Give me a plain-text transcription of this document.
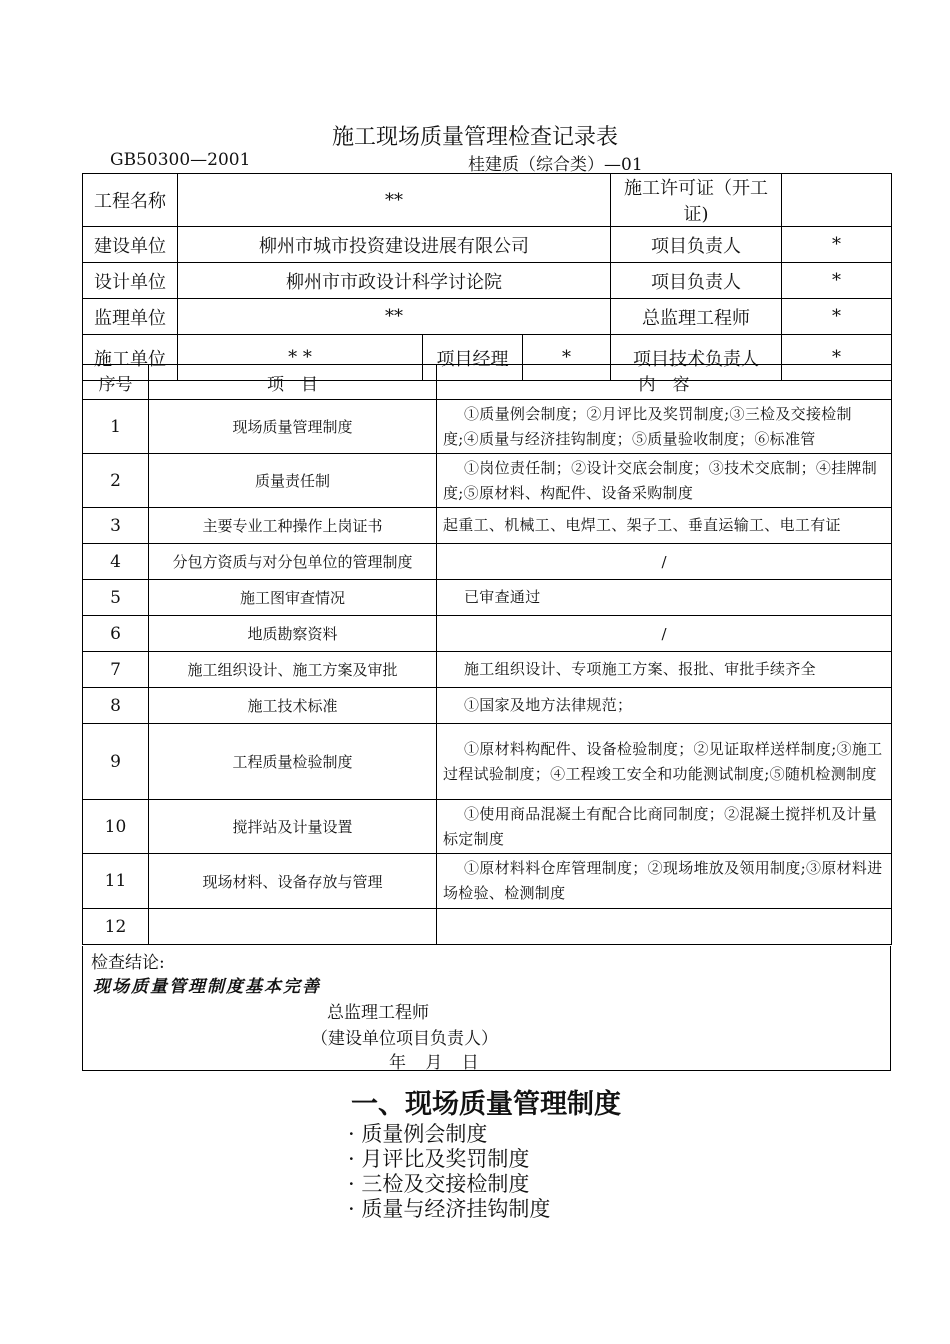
施工现场质量管理检查记录表
GB50300—2001	桂建质（综合类）—01
工程名称	**			施工许可证（开工证)	
建设单位	柳州市城市投资建设进展有限公司			项目负责人	*
设计单位	柳州市市政设计科学讨论院			项目负责人	*
监理单位	**			总监理工程师	*
施工单位	* *	项目经理	*	项目技术负责人	*
序号	项　目	内　容
1	现场质量管理制度	①质量例会制度；②月评比及奖罚制度;③三检及交接检制度;④质量与经济挂钩制度；⑤质量验收制度；⑥标准管
2	质量责任制	①岗位责任制；②设计交底会制度；③技术交底制；④挂牌制度;⑤原材料、构配件、设备采购制度
3	主要专业工种操作上岗证书	起重工、机械工、电焊工、架子工、垂直运输工、电工有证
4	分包方资质与对分包单位的管理制度	/
5	施工图审查情况	已审查通过
6	地质勘察资料	/
7	施工组织设计、施工方案及审批	施工组织设计、专项施工方案、报批、审批手续齐全
8	施工技术标准	①国家及地方法律规范；
9	工程质量检验制度	①原材料构配件、设备检验制度；②见证取样送样制度;③施工过程试验制度；④工程竣工安全和功能测试制度;⑤随机检测制度
10	搅拌站及计量设置	①使用商品混凝土有配合比商同制度；②混凝土搅拌机及计量标定制度
11	现场材料、设备存放与管理	①原材料料仓库管理制度；②现场堆放及领用制度;③原材料进场检验、检测制度
12		
检查结论:
现场质量管理制度基本完善
总监理工程师
（建设单位项目负责人）
年 月 日
一、现场质量管理制度
· 质量例会制度
· 月评比及奖罚制度
· 三检及交接检制度
· 质量与经济挂钩制度
